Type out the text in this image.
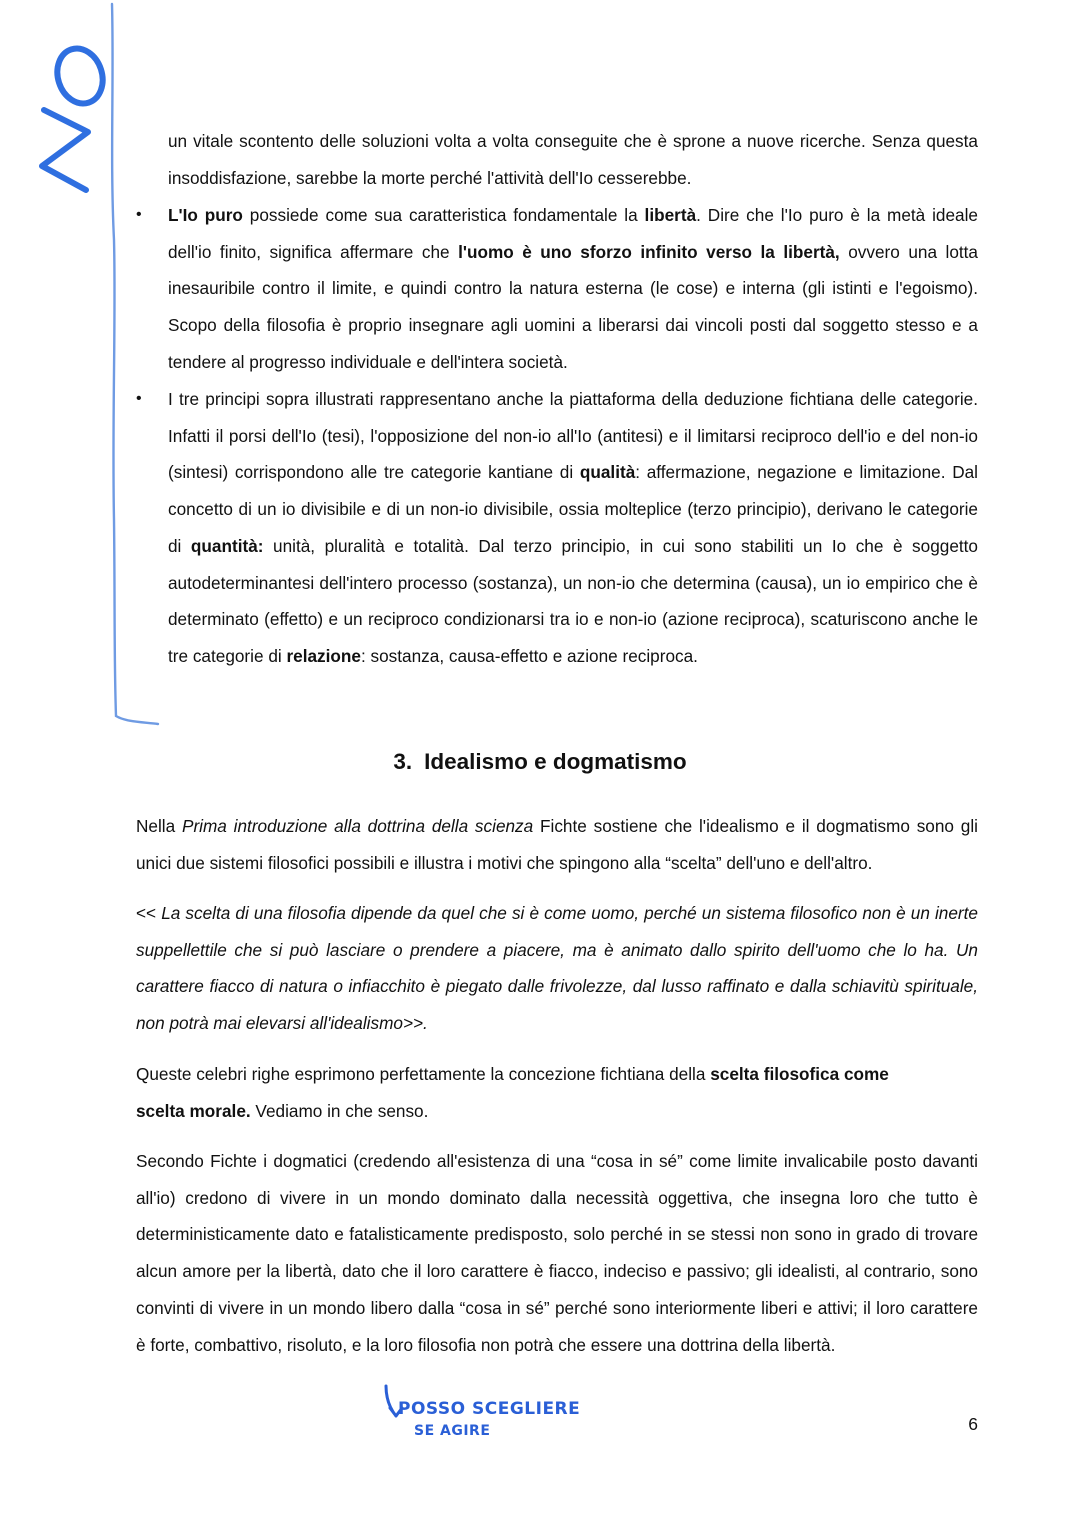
un vitale scontento delle soluzioni volta a volta conseguite che è sprone a nuove ricerche. Senza questa insoddisfazione, sarebbe la morte perché l'attività dell'Io cesserebbe.
•	L'Io puro possiede come sua caratteristica fondamentale la libertà. Dire che l'Io puro è la metà ideale dell'io finito, significa affermare che l'uomo è uno sforzo infinito verso la libertà, ovvero una lotta inesauribile contro il limite, e quindi contro la natura esterna (le cose) e interna (gli istinti e l'egoismo). Scopo della filosofia è proprio insegnare agli uomini a liberarsi dai vincoli posti dal soggetto stesso e a tendere al progresso individuale e dell'intera società.
•	I tre principi sopra illustrati rappresentano anche la piattaforma della deduzione fichtiana delle categorie. Infatti il porsi dell'Io (tesi), l'opposizione del non-io all'Io (antitesi) e il limitarsi reciproco dell'io e del non-io (sintesi) corrispondono alle tre categorie kantiane di qualità: affermazione, negazione e limitazione. Dal concetto di un io divisibile e di un non-io divisibile, ossia molteplice (terzo principio), derivano le categorie di quantità: unità, pluralità e totalità. Dal terzo principio, in cui sono stabiliti un Io che è soggetto autodeterminantesi dell'intero processo (sostanza), un non-io che determina (causa), un io empirico che è determinato (effetto) e un reciproco condizionarsi tra io e non-io (azione reciproca), scaturiscono anche le tre categorie di relazione: sostanza, causa-effetto e azione reciproca.
3. Idealismo e dogmatismo
Nella Prima introduzione alla dottrina della scienza Fichte sostiene che l'idealismo e il dogmatismo sono gli unici due sistemi filosofici possibili e illustra i motivi che spingono alla “scelta” dell'uno e dell'altro.
<< La scelta di una filosofia dipende da quel che si è come uomo, perché un sistema filosofico non è un inerte suppellettile che si può lasciare o prendere a piacere, ma è animato dallo spirito dell'uomo che lo ha. Un carattere fiacco di natura o infiacchito è piegato dalle frivolezze, dal lusso raffinato e dalla schiavitù spirituale, non potrà mai elevarsi all'idealismo>>.
Queste celebri righe esprimono perfettamente la concezione fichtiana della scelta filosofica come scelta morale. Vediamo in che senso.
Secondo Fichte i dogmatici (credendo all'esistenza di una “cosa in sé” come limite invalicabile posto davanti all'io) credono di vivere in un mondo dominato dalla necessità oggettiva, che insegna loro che tutto è deterministicamente dato e fatalisticamente predisposto, solo perché in se stessi non sono in grado di trovare alcun amore per la libertà, dato che il loro carattere è fiacco, indeciso e passivo; gli idealisti, al contrario, sono convinti di vivere in un mondo libero dalla “cosa in sé” perché sono interiormente liberi e attivi; il loro carattere è forte, combattivo, risoluto, e la loro filosofia non potrà che essere una dottrina della libertà.
POSSO SCEGLIERE
SE AGIRE	6
